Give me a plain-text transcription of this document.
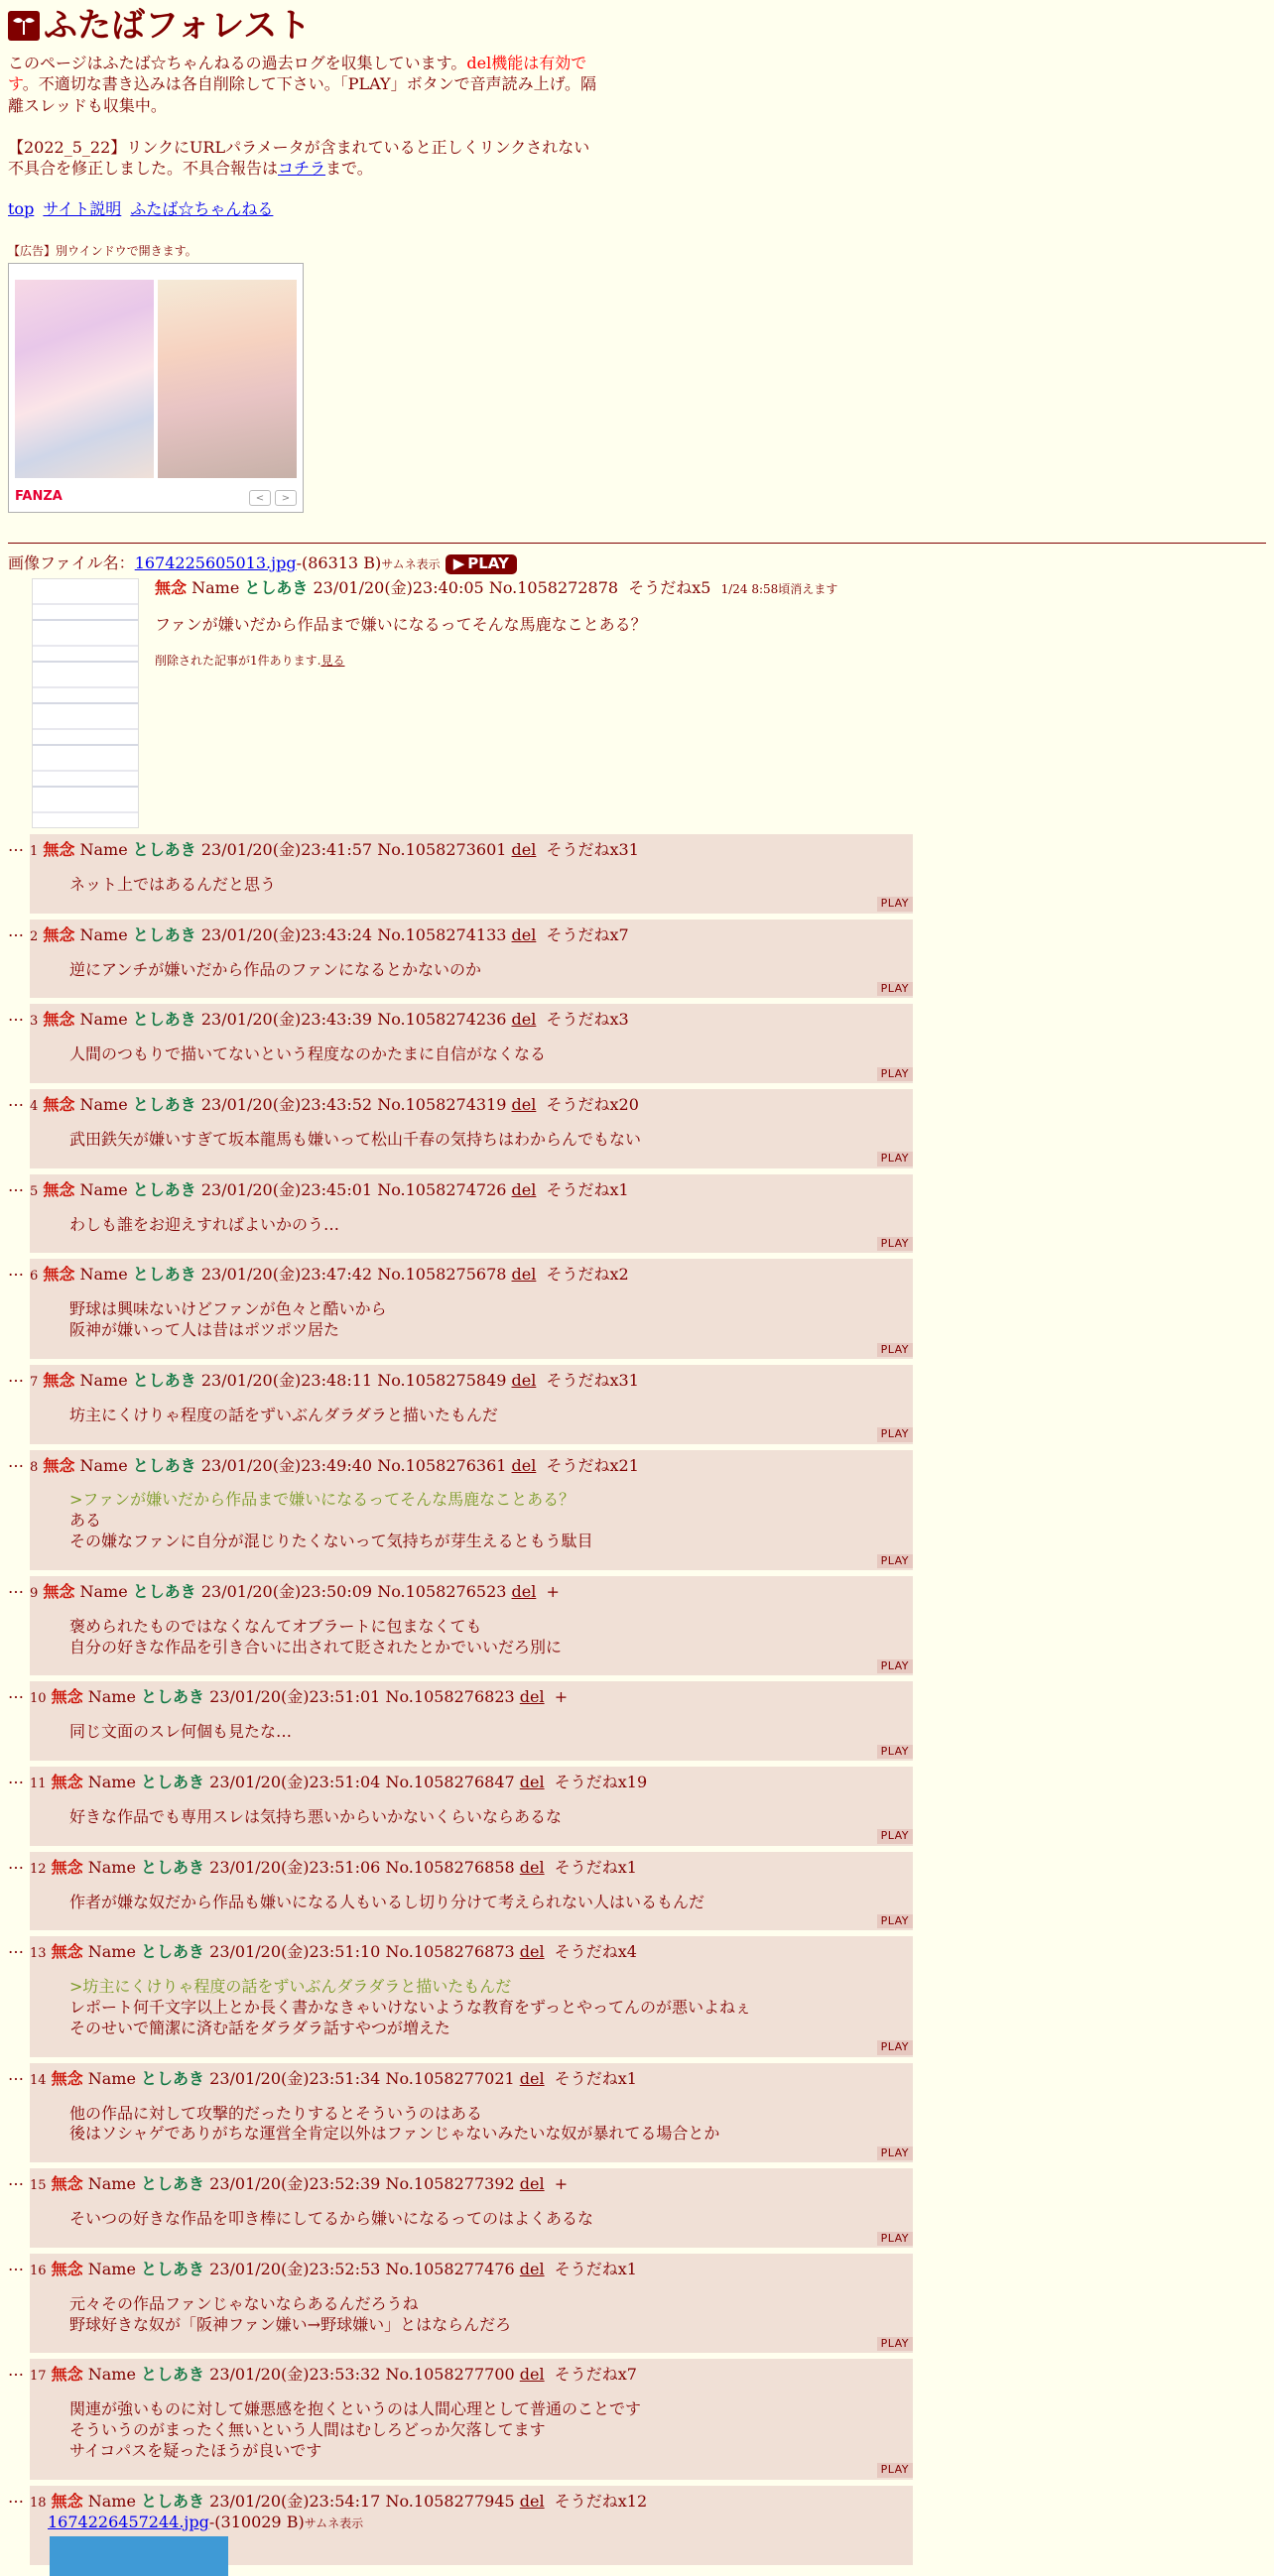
ふたばフォレスト

このページはふたば☆ちゃんねるの過去ログを収集しています。del機能は有効です。不適切な書き込みは各自削除して下さい。「PLAY」ボタンで音声読み上げ。隔離スレッドも収集中。

【2022_5_22】リンクにURLパラメータが含まれていると正しくリンクされない不具合を修正しました。不具合報告はコチラまで。

top サイト説明 ふたば☆ちゃんねる
【広告】別ウインドウで開きます。
FANZA	<	>
画像ファイル名：1674225605013.jpg-(86313 B)サムネ表示 ▶ PLAY
無念 Name としあき 23/01/20(金)23:40:05 No.1058272878 そうだねx5 1/24 8:58頃消えます
ファンが嫌いだから作品まで嫌いになるってそんな馬鹿なことある？
削除された記事が1件あります.見る
… 1 無念 Name としあき 23/01/20(金)23:41:57 No.1058273601 del そうだねx31
ネット上ではあるんだと思う
PLAY
… 2 無念 Name としあき 23/01/20(金)23:43:24 No.1058274133 del そうだねx7
逆にアンチが嫌いだから作品のファンになるとかないのか
PLAY
… 3 無念 Name としあき 23/01/20(金)23:43:39 No.1058274236 del そうだねx3
人間のつもりで描いてないという程度なのかたまに自信がなくなる
PLAY
… 4 無念 Name としあき 23/01/20(金)23:43:52 No.1058274319 del そうだねx20
武田鉄矢が嫌いすぎて坂本龍馬も嫌いって松山千春の気持ちはわからんでもない
PLAY
… 5 無念 Name としあき 23/01/20(金)23:45:01 No.1058274726 del そうだねx1
わしも誰をお迎えすればよいかのう…
PLAY
… 6 無念 Name としあき 23/01/20(金)23:47:42 No.1058275678 del そうだねx2
野球は興味ないけどファンが色々と酷いから
阪神が嫌いって人は昔はポツポツ居た
PLAY
… 7 無念 Name としあき 23/01/20(金)23:48:11 No.1058275849 del そうだねx31
坊主にくけりゃ程度の話をずいぶんダラダラと描いたもんだ
PLAY
… 8 無念 Name としあき 23/01/20(金)23:49:40 No.1058276361 del そうだねx21
>ファンが嫌いだから作品まで嫌いになるってそんな馬鹿なことある？
ある
その嫌なファンに自分が混じりたくないって気持ちが芽生えるともう駄目
PLAY
… 9 無念 Name としあき 23/01/20(金)23:50:09 No.1058276523 del +
褒められたものではなくなんてオブラートに包まなくても
自分の好きな作品を引き合いに出されて貶されたとかでいいだろ別に
PLAY
… 10 無念 Name としあき 23/01/20(金)23:51:01 No.1058276823 del +
同じ文面のスレ何個も見たな…
PLAY
… 11 無念 Name としあき 23/01/20(金)23:51:04 No.1058276847 del そうだねx19
好きな作品でも専用スレは気持ち悪いからいかないくらいならあるな
PLAY
… 12 無念 Name としあき 23/01/20(金)23:51:06 No.1058276858 del そうだねx1
作者が嫌な奴だから作品も嫌いになる人もいるし切り分けて考えられない人はいるもんだ
PLAY
… 13 無念 Name としあき 23/01/20(金)23:51:10 No.1058276873 del そうだねx4
>坊主にくけりゃ程度の話をずいぶんダラダラと描いたもんだ
レポート何千文字以上とか長く書かなきゃいけないような教育をずっとやってんのが悪いよねぇ
そのせいで簡潔に済む話をダラダラ話すやつが増えた
PLAY
… 14 無念 Name としあき 23/01/20(金)23:51:34 No.1058277021 del そうだねx1
他の作品に対して攻撃的だったりするとそういうのはある
後はソシャゲでありがちな運営全肯定以外はファンじゃないみたいな奴が暴れてる場合とか
PLAY
… 15 無念 Name としあき 23/01/20(金)23:52:39 No.1058277392 del +
そいつの好きな作品を叩き棒にしてるから嫌いになるってのはよくあるな
PLAY
… 16 無念 Name としあき 23/01/20(金)23:52:53 No.1058277476 del そうだねx1
元々その作品ファンじゃないならあるんだろうね
野球好きな奴が「阪神ファン嫌い→野球嫌い」とはならんだろ
PLAY
… 17 無念 Name としあき 23/01/20(金)23:53:32 No.1058277700 del そうだねx7
関連が強いものに対して嫌悪感を抱くというのは人間心理として普通のことです
そういうのがまったく無いという人間はむしろどっか欠落してます
サイコパスを疑ったほうが良いです
PLAY
… 18 無念 Name としあき 23/01/20(金)23:54:17 No.1058277945 del そうだねx12
1674226457244.jpg-(310029 B)サムネ表示
